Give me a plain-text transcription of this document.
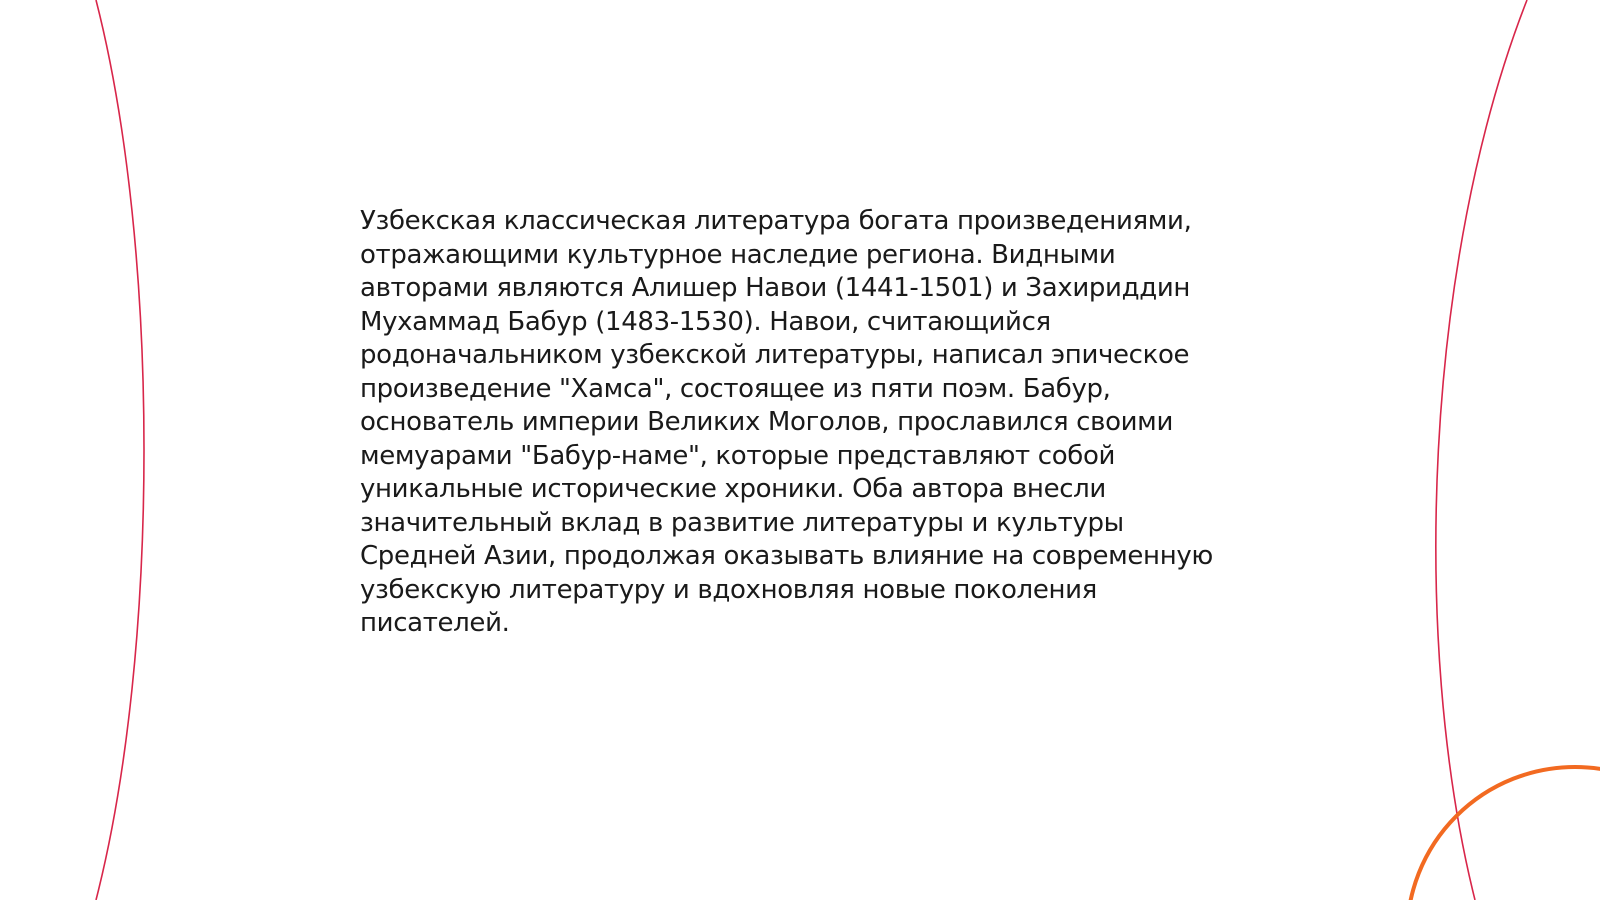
Узбекская классическая литература богата произведениями, отражающими культурное наследие региона. Видными авторами являются Алишер Навои (1441-1501) и Захириддин Мухаммад Бабур (1483-1530). Навои, считающийся родоначальником узбекской литературы, написал эпическое произведение "Хамса", состоящее из пяти поэм. Бабур, основатель империи Великих Моголов, прославился своими мемуарами "Бабур-наме", которые представляют собой уникальные исторические хроники. Оба автора внесли значительный вклад в развитие литературы и культуры Средней Азии, продолжая оказывать влияние на современную узбекскую литературу и вдохновляя новые поколения писателей.
